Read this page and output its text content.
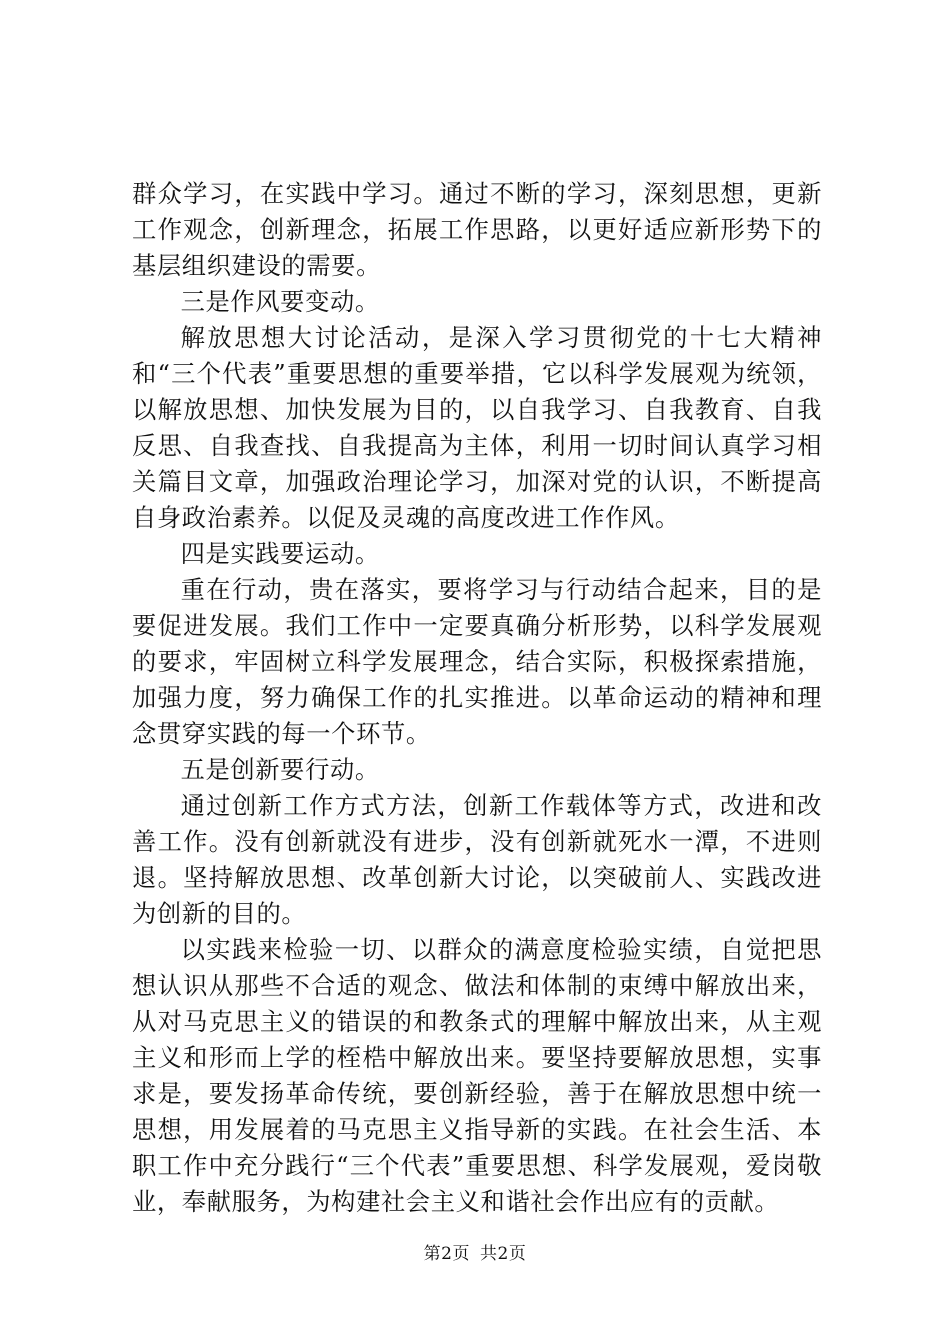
群众学习，在实践中学习。通过不断的学习，深刻思想，更新工作观念，创新理念，拓展工作思路，以更好适应新形势下的基层组织建设的需要。

三是作风要变动。

解放思想大讨论活动，是深入学习贯彻党的十七大精神和“三个代表”重要思想的重要举措，它以科学发展观为统领，以解放思想、加快发展为目的，以自我学习、自我教育、自我反思、自我查找、自我提高为主体，利用一切时间认真学习相关篇目文章，加强政治理论学习，加深对党的认识，不断提高自身政治素养。以促及灵魂的高度改进工作作风。

四是实践要运动。

重在行动，贵在落实，要将学习与行动结合起来，目的是要促进发展。我们工作中一定要真确分析形势，以科学发展观的要求，牢固树立科学发展理念，结合实际，积极探索措施，加强力度，努力确保工作的扎实推进。以革命运动的精神和理念贯穿实践的每一个环节。

五是创新要行动。

通过创新工作方式方法，创新工作载体等方式，改进和改善工作。没有创新就没有进步，没有创新就死水一潭，不进则退。坚持解放思想、改革创新大讨论，以突破前人、实践改进为创新的目的。

以实践来检验一切、以群众的满意度检验实绩，自觉把思想认识从那些不合适的观念、做法和体制的束缚中解放出来，从对马克思主义的错误的和教条式的理解中解放出来，从主观主义和形而上学的桎梏中解放出来。要坚持要解放思想，实事求是，要发扬革命传统，要创新经验，善于在解放思想中统一思想，用发展着的马克思主义指导新的实践。在社会生活、本职工作中充分践行“三个代表”重要思想、科学发展观，爱岗敬业，奉献服务，为构建社会主义和谐社会作出应有的贡献。

第2页 共2页
